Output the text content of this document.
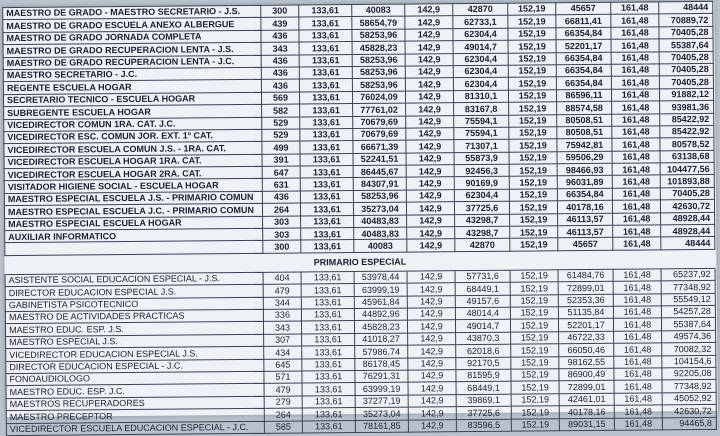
MAESTRO DE GRADO - MAESTRO SECRETARIO - J.S.	300	133,61	40083	142,9	42870	152,19	45657	161,48	48444
MAESTRO DE GRADO ESCUELA ANEXO ALBERGUE	439	133,61	58654,79	142,9	62733,1	152,19	66811,41	161,48	70889,72
MAESTRO DE GRADO JORNADA COMPLETA	436	133,61	58253,96	142,9	62304,4	152,19	66354,84	161,48	70405,28
MAESTRO DE GRADO RECUPERACION LENTA - J.S.	343	133,61	45828,23	142,9	49014,7	152,19	52201,17	161,48	55387,64
MAESTRO DE GRADO RECUPERACION LENTA - J.C.	436	133,61	58253,96	142,9	62304,4	152,19	66354,84	161,48	70405,28
MAESTRO SECRETARIO - J.C.	436	133,61	58253,96	142,9	62304,4	152,19	66354,84	161,48	70405,28
REGENTE ESCUELA HOGAR	436	133,61	58253,96	142,9	62304,4	152,19	66354,84	161,48	70405,28
SECRETARIO TECNICO - ESCUELA HOGAR	569	133,61	76024,09	142,9	81310,1	152,19	86596,11	161,48	91882,12
SUBREGENTE ESCUELA HOGAR	582	133,61	77761,02	142,9	83167,8	152,19	88574,58	161,48	93981,36
VICEDIRECTOR COMUN 1RA. CAT. J.C.	529	133,61	70679,69	142,9	75594,1	152,19	80508,51	161,48	85422,92
VICEDIRECTOR ESC. COMUN JOR. EXT. 1º CAT.	529	133,61	70679,69	142,9	75594,1	152,19	80508,51	161,48	85422,92
VICEDIRECTOR ESCUELA COMUN J.S. - 1RA. CAT.	499	133,61	66671,39	142,9	71307,1	152,19	75942,81	161,48	80578,52
VICEDIRECTOR ESCUELA HOGAR 1RA. CAT.	391	133,61	52241,51	142,9	55873,9	152,19	59506,29	161,48	63138,68
VICEDIRECTOR ESCUELA HOGAR 2RA. CAT.	647	133,61	86445,67	142,9	92456,3	152,19	98466,93	161,48	104477,56
VISITADOR HIGIENE SOCIAL - ESCUELA HOGAR	631	133,61	84307,91	142,9	90169,9	152,19	96031,89	161,48	101893,88
MAESTRO ESPECIAL ESCUELA J.S. - PRIMARIO COMUN	436	133,61	58253,96	142,9	62304,4	152,19	66354,84	161,48	70405,28
MAESTRO ESPECIAL ESCUELA J.C. - PRIMARIO COMUN	264	133,61	35273,04	142,9	37725,6	152,19	40178,16	161,48	42630,72
MAESTRO ESPECIAL ESCUELA HOGAR	303	133,61	40483,83	142,9	43298,7	152,19	46113,57	161,48	48928,44
AUXILIAR INFORMATICO	303	133,61	40483,83	142,9	43298,7	152,19	46113,57	161,48	48928,44
	300	133,61	40083	142,9	42870	152,19	45657	161,48	48444
PRIMARIO ESPECIAL									
ASISTENTE SOCIAL EDUCACION ESPECIAL - J.S.	404	133,61	53978,44	142,9	57731,6	152,19	61484,76	161,48	65237,92
DIRECTOR EDUCACION ESPECIAL J.S.	479	133,61	63999,19	142,9	68449,1	152,19	72899,01	161,48	77348,92
GABINETISTA PSICOTECNICO	344	133,61	45961,84	142,9	49157,6	152,19	52353,36	161,48	55549,12
MAESTRO DE ACTIVIDADES PRACTICAS	336	133,61	44892,96	142,9	48014,4	152,19	51135,84	161,48	54257,28
MAESTRO EDUC. ESP. J.S.	343	133,61	45828,23	142,9	49014,7	152,19	52201,17	161,48	55387,64
MAESTRO ESPECIAL J.S.	307	133,61	41018,27	142,9	43870,3	152,19	46722,33	161,48	49574,36
VICEDIRECTOR EDUCACION ESPECIAL J.S.	434	133,61	57986,74	142,9	62018,6	152,19	66050,46	161,48	70082,32
DIRECTOR EDUCACION ESPECIAL - J.C.	645	133,61	86178,45	142,9	92170,5	152,19	98162,55	161,48	104154,6
FONOAUDIOLOGO	571	133,61	76291,31	142,9	81595,9	152,19	86900,49	161,48	92205,08
MAESTRO EDUC. ESP. J.C.	479	133,61	63999,19	142,9	68449,1	152,19	72899,01	161,48	77348,92
MAESTROS RECUPERADORES	279	133,61	37277,19	142,9	39869,1	152,19	42461,01	161,48	45052,92
MAESTRO PRECEPTOR	264	133,61	35273,04	142,9	37725,6	152,19	40178,16	161,48	42630,72
VICEDIRECTOR ESCUELA EDUCACION ESPECIAL - J.C.	585	133,61	78161,85	142,9	83596,5	152,19	89031,15	161,48	94465,8
